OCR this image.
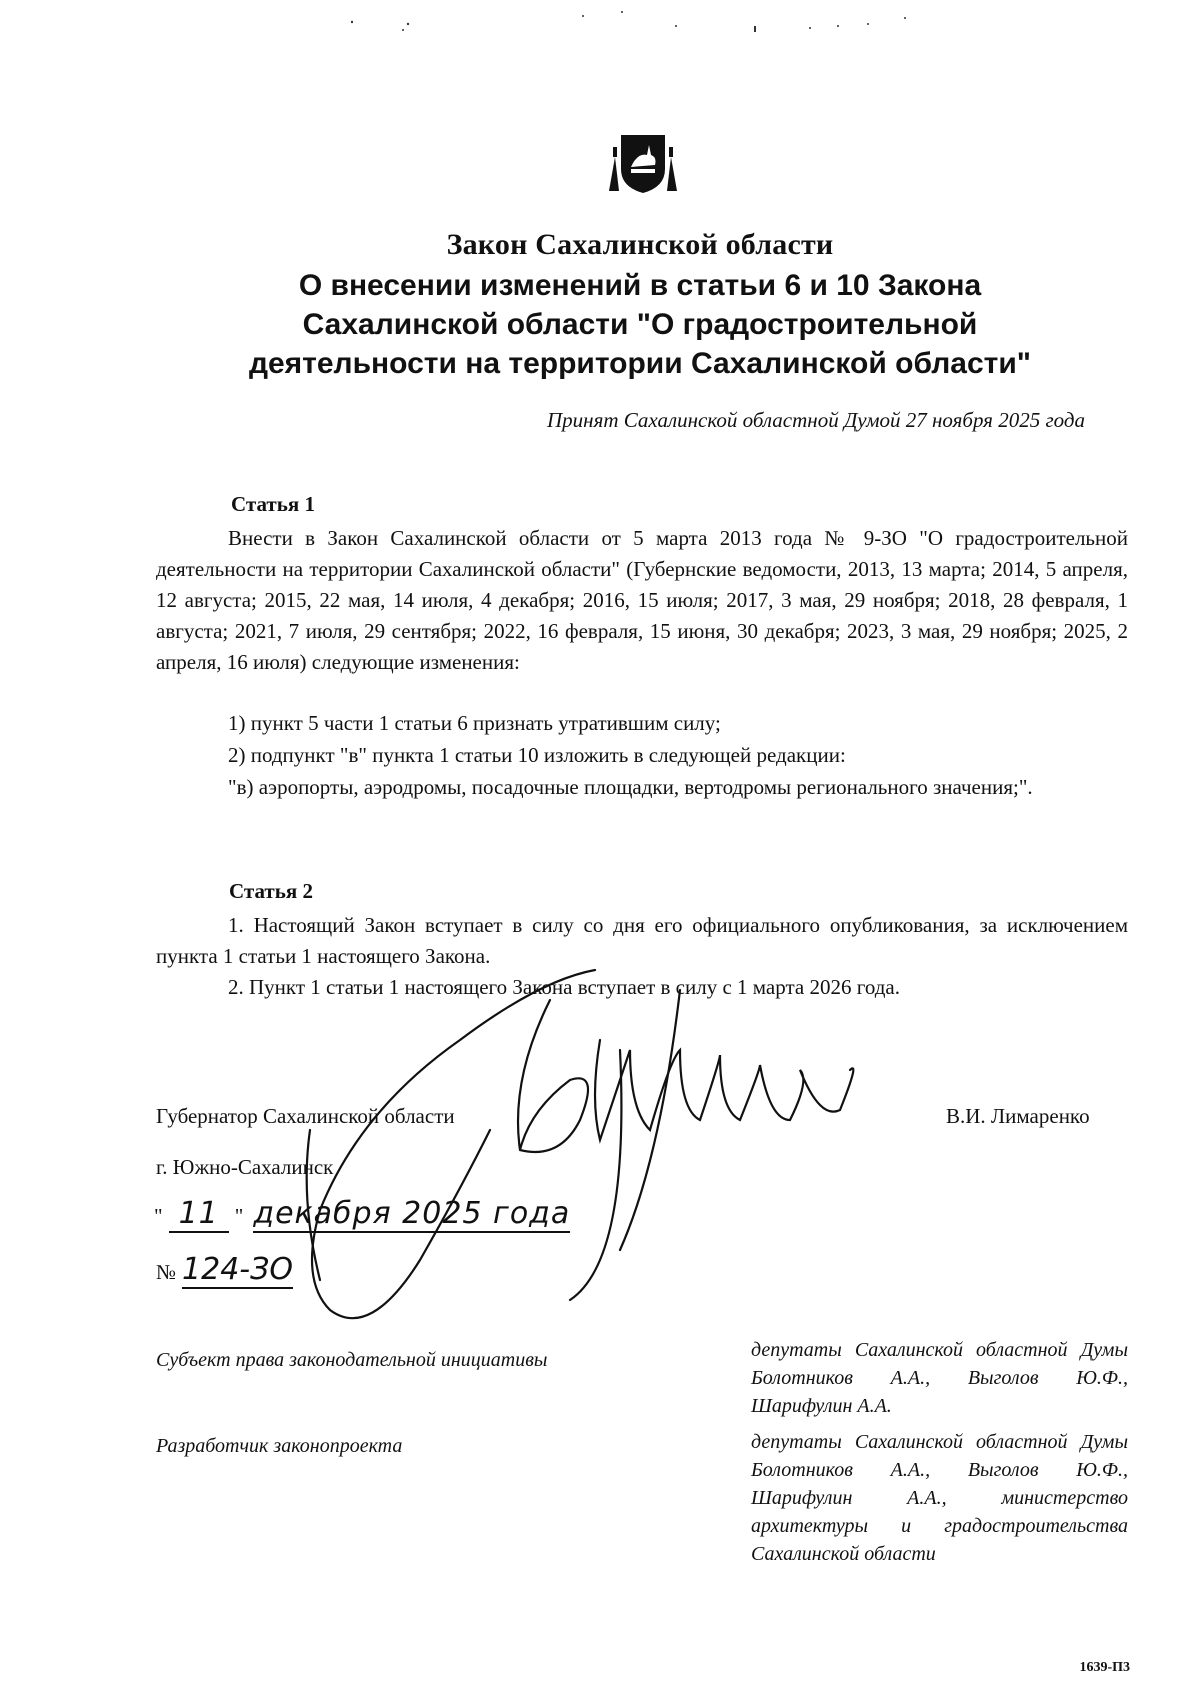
Закон Сахалинской области
О внесении изменений в статьи 6 и 10 Закона
Сахалинской области "О градостроительной
деятельности на территории Сахалинской области"
Принят Сахалинской областной Думой 27 ноября 2025 года
Статья 1
Внести в Закон Сахалинской области от 5 марта 2013 года № 9-ЗО "О градостроительной деятельности на территории Сахалинской области" (Губернские ведомости, 2013, 13 марта; 2014, 5 апреля, 12 августа; 2015, 22 мая, 14 июля, 4 декабря; 2016, 15 июля; 2017, 3 мая, 29 ноября; 2018, 28 февраля, 1 августа; 2021, 7 июля, 29 сентября; 2022, 16 февраля, 15 июня, 30 декабря; 2023, 3 мая, 29 ноября; 2025, 2 апреля, 16 июля) следующие изменения:
1) пункт 5 части 1 статьи 6 признать утратившим силу;
2) подпункт "в" пункта 1 статьи 10 изложить в следующей редакции:
"в) аэропорты, аэродромы, посадочные площадки, вертодромы регионального значения;".
Статья 2
1. Настоящий Закон вступает в силу со дня его официального опубликования, за исключением пункта 1 статьи 1 настоящего Закона.
2. Пункт 1 статьи 1 настоящего Закона вступает в силу с 1 марта 2026 года.
Губернатор Сахалинской области	В.И. Лимаренко
г. Южно-Сахалинск
" 11 " декабря 2025 года
№ 124-ЗО
Субъект права законодательной инициативы	депутаты Сахалинской областной Думы Болотников А.А., Выголов Ю.Ф., Шарифулин А.А.
Разработчик законопроекта	депутаты Сахалинской областной Думы Болотников А.А., Выголов Ю.Ф., Шарифулин А.А., министерство архитектуры и градостроительства Сахалинской области
1639-П3
